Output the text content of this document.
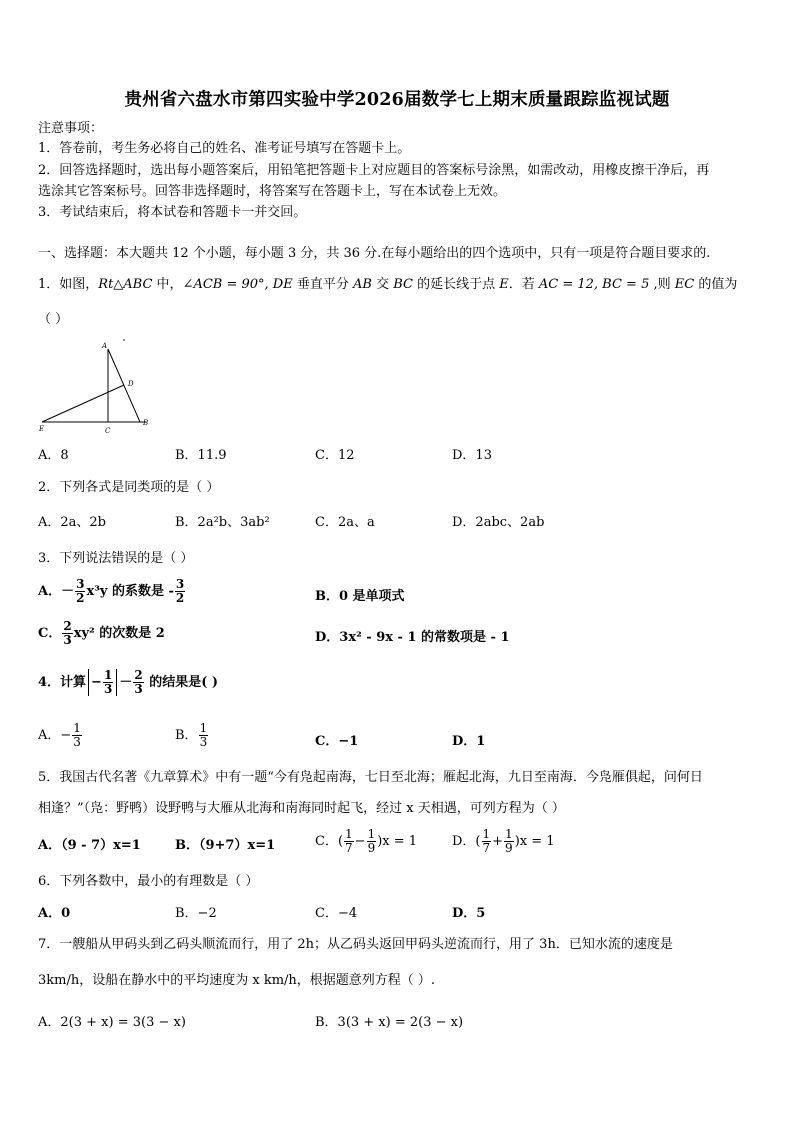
贵州省六盘水市第四实验中学2026届数学七上期末质量跟踪监视试题
注意事项：
1．答卷前，考生务必将自己的姓名、准考证号填写在答题卡上。
2．回答选择题时，选出每小题答案后，用铅笔把答题卡上对应题目的答案标号涂黑，如需改动，用橡皮擦干净后，再
选涂其它答案标号。回答非选择题时，将答案写在答题卡上，写在本试卷上无效。
3．考试结束后，将本试卷和答题卡一并交回。
一、选择题：本大题共 12 个小题，每小题 3 分，共 36 分.在每小题给出的四个选项中，只有一项是符合题目要求的.
1．如图，Rt△ABC 中，∠ACB = 90°, DE 垂直平分 AB 交 BC 的延长线于点 E．若 AC = 12, BC = 5 ,则 EC 的值为
（ ）
A
D
E	C
B
A．8	B．11.9	C．12	D．13
2．下列各式是同类项的是（ ）
A．2a、2b	B．2a²b、3ab²	C．2a、a	D．2abc、2ab
3．下列说法错误的是（ ）
A．－ $\frac{3}{2} x^3y$ 的系数是 - $\frac{3}{2}$	B．0 是单项式
C． $\frac{2}{3} xy^2$ 的次数是 2	D．3x² - 9x - 1 的常数项是 - 1
4．计算 − $\frac{1}{3} - \frac{2}{3}$ 的结果是( )
A．− $\frac{1}{3}$	B． $\frac{1}{3}$	C．−1	D．1
5．我国古代名著《九章算术》中有一题“今有凫起南海，七日至北海；雁起北海，九日至南海．今凫雁俱起，问何日
相逢？”（凫：野鸭）设野鸭与大雁从北海和南海同时起飞，经过 x 天相遇，可列方程为（ ）
A．（9 - 7）x=1	B．（9+7）x=1	C．( $\frac{1}{7} - \frac{1}{9} )x = 1$	D．( $\frac{1}{7} + \frac{1}{9} )x = 1$
6．下列各数中，最小的有理数是（ ）
A．0	B．−2	C．−4	D．5
7．一艘船从甲码头到乙码头顺流而行，用了 2h；从乙码头返回甲码头逆流而行，用了 3h．已知水流的速度是
3km/h，设船在静水中的平均速度为 x km/h，根据题意列方程（ ）.
A．2(3 + x) = 3(3 − x)	B．3(3 + x) = 2(3 − x)
